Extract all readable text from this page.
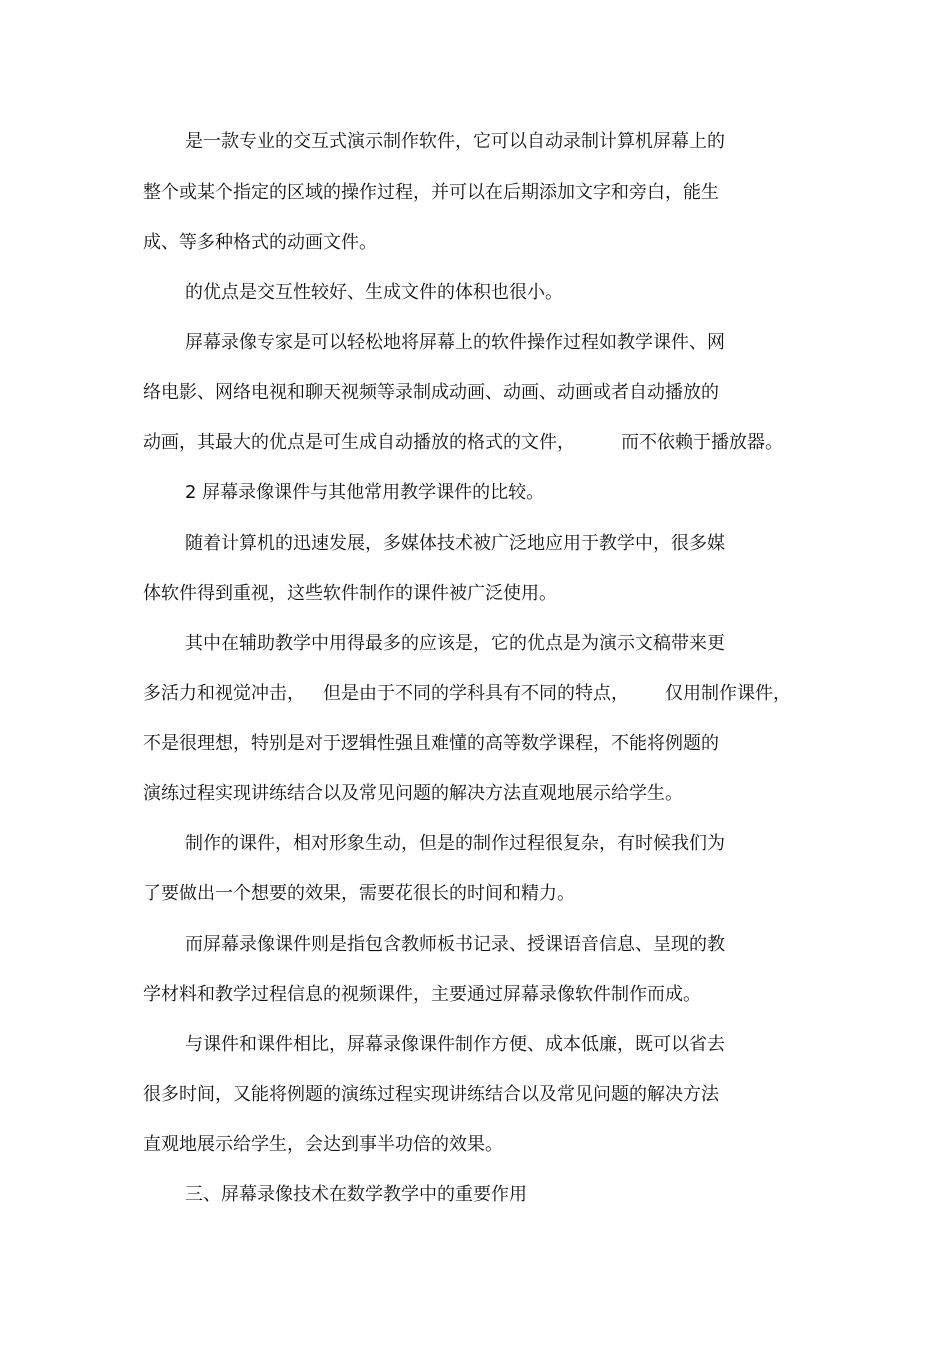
是一款专业的交互式演示制作软件，它可以自动录制计算机屏幕上的

整个或某个指定的区域的操作过程，并可以在后期添加文字和旁白，能生

成、等多种格式的动画文件。

的优点是交互性较好、生成文件的体积也很小。

屏幕录像专家是可以轻松地将屏幕上的软件操作过程如教学课件、网

络电影、网络电视和聊天视频等录制成动画、动画、动画或者自动播放的

动画，其最大的优点是可生成自动播放的格式的文件，	而不依赖于播放器。

2 屏幕录像课件与其他常用教学课件的比较。

随着计算机的迅速发展，多媒体技术被广泛地应用于教学中，很多媒

体软件得到重视，这些软件制作的课件被广泛使用。

其中在辅助教学中用得最多的应该是，它的优点是为演示文稿带来更

多活力和视觉冲击， 但是由于不同的学科具有不同的特点， 仅用制作课件，

不是很理想，特别是对于逻辑性强且难懂的高等数学课程，不能将例题的

演练过程实现讲练结合以及常见问题的解决方法直观地展示给学生。

制作的课件，相对形象生动，但是的制作过程很复杂，有时候我们为

了要做出一个想要的效果，需要花很长的时间和精力。

而屏幕录像课件则是指包含教师板书记录、授课语音信息、呈现的教

学材料和教学过程信息的视频课件，主要通过屏幕录像软件制作而成。

与课件和课件相比，屏幕录像课件制作方便、成本低廉，既可以省去

很多时间，又能将例题的演练过程实现讲练结合以及常见问题的解决方法

直观地展示给学生，会达到事半功倍的效果。

三、屏幕录像技术在数学教学中的重要作用
